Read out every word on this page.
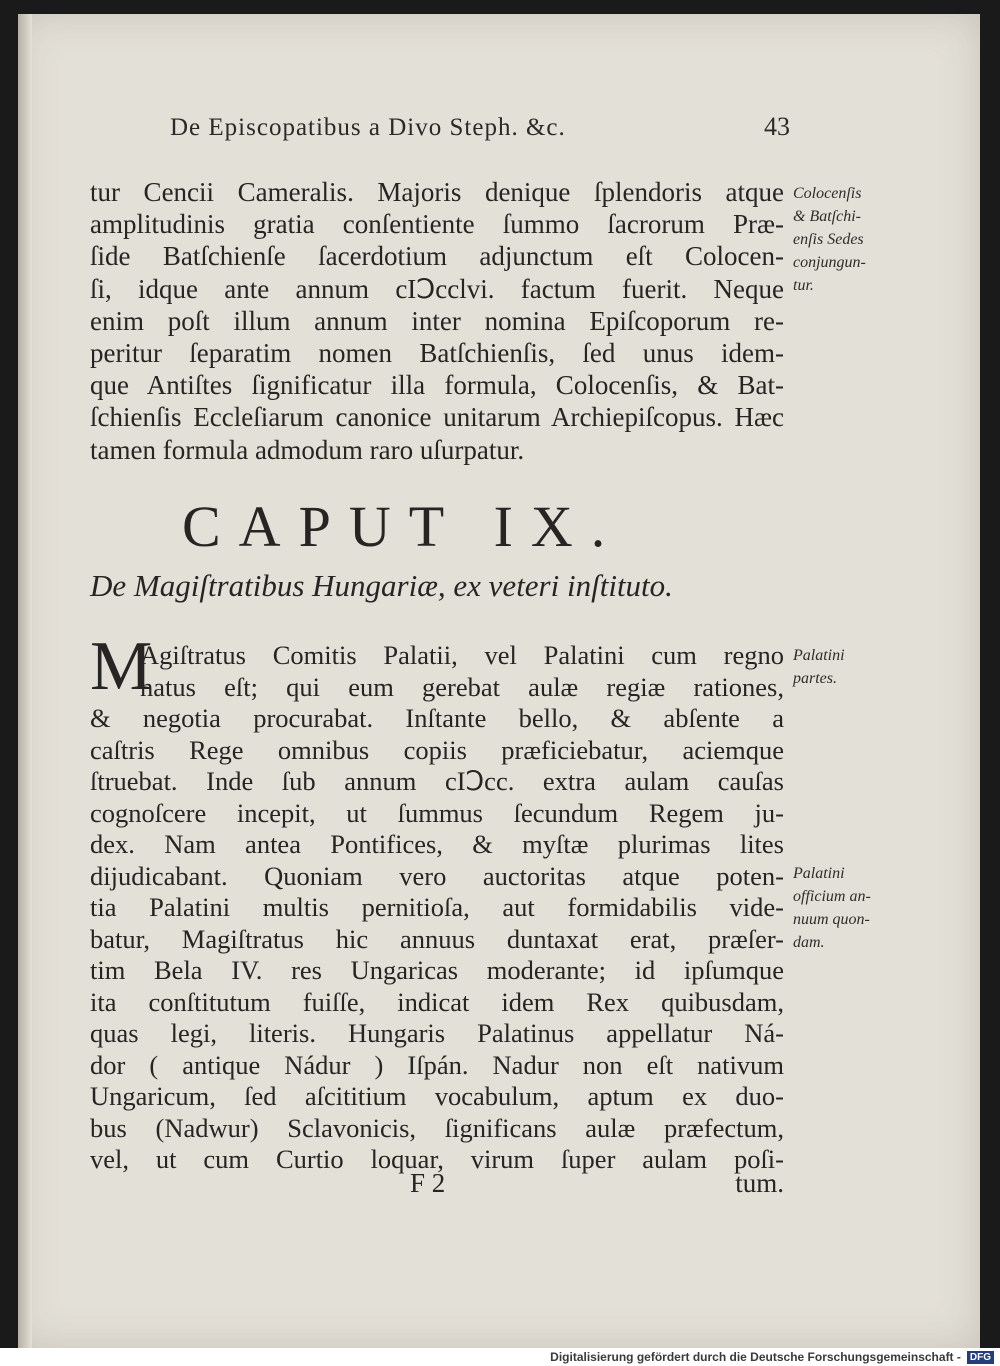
De Episcopatibus a Divo Steph. &c.	43
tur Cencii Cameralis. Majoris denique ſplendoris atque
amplitudinis gratia conſentiente ſummo ſacrorum Præ-
ſide Batſchienſe ſacerdotium adjunctum eſt Colocen-
ſi, idque ante annum cIↃcclvi. factum fuerit. Neque
enim poſt illum annum inter nomina Epiſcoporum re-
peritur ſeparatim nomen Batſchienſis, ſed unus idem-
que Antiſtes ſignificatur illa formula, Colocenſis, & Bat-
ſchienſis Eccleſiarum canonice unitarum Archiepiſcopus. Hæc
tamen formula admodum raro uſurpatur.
Colocenſis
& Batſchi-
enſis Sedes
conjungun-
tur.
CAPUT IX.
De Magiſtratibus Hungariæ, ex veteri inſtituto.
M
Agiſtratus Comitis Palatii, vel Palatini cum regno
natus eſt; qui eum gerebat aulæ regiæ rationes,
& negotia procurabat. Inſtante bello, & abſente a
caſtris Rege omnibus copiis præficiebatur, aciemque
ſtruebat. Inde ſub annum cIↃcc. extra aulam cauſas
cognoſcere incepit, ut ſummus ſecundum Regem ju-
dex. Nam antea Pontifices, & myſtæ plurimas lites
dijudicabant. Quoniam vero auctoritas atque poten-
tia Palatini multis pernitioſa, aut formidabilis vide-
batur, Magiſtratus hic annuus duntaxat erat, præſer-
tim Bela IV. res Ungaricas moderante; id ipſumque
ita conſtitutum fuiſſe, indicat idem Rex quibusdam,
quas legi, literis. Hungaris Palatinus appellatur Ná-
dor ( antique Nádur ) Iſpán. Nadur non eſt nativum
Ungaricum, ſed aſcititium vocabulum, aptum ex duo-
bus (Nadwur) Sclavonicis, ſignificans aulæ præfectum,
vel, ut cum Curtio loquar, virum ſuper aulam poſi-
Palatini
partes.
Palatini
officium an-
nuum quon-
dam.
F 2	tum.
Digitalisierung gefördert durch die Deutsche Forschungsgemeinschaft - DFG
